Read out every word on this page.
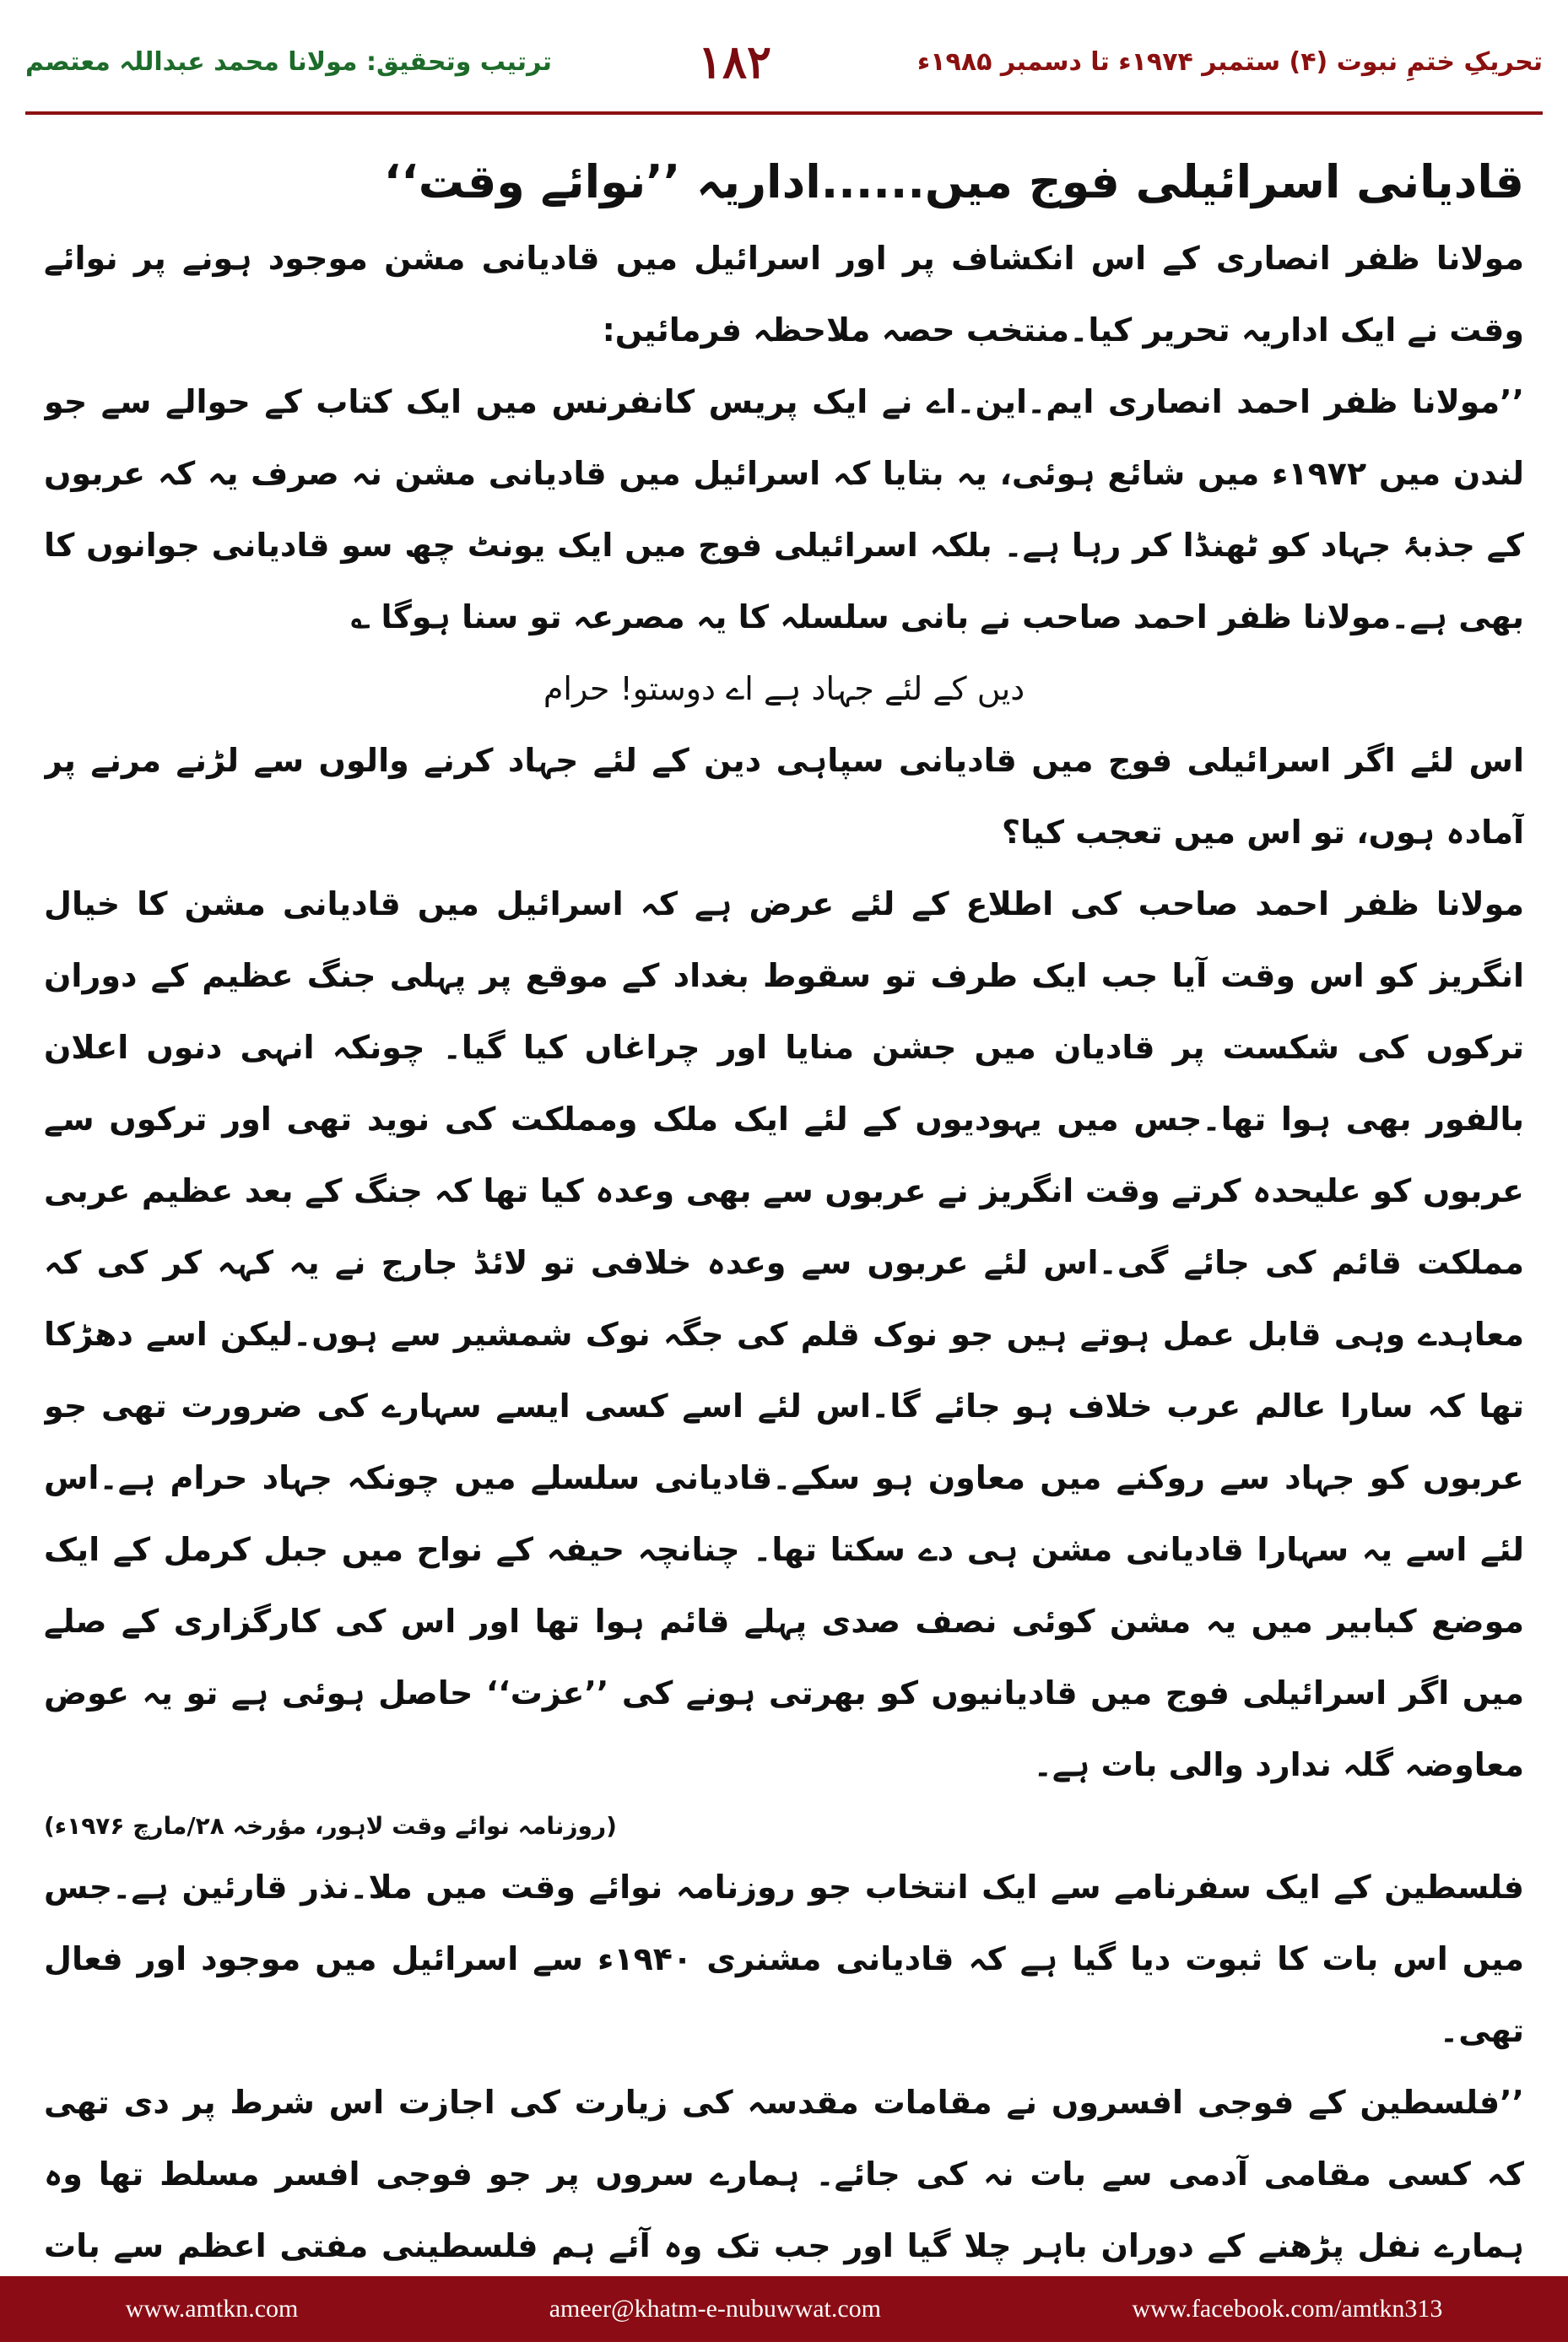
ترتیب وتحقیق: مولانا محمد عبداللہ معتصم	۱۸۲	تحریکِ ختمِ نبوت (۴) ستمبر ۱۹۷۴ء تا دسمبر ۱۹۸۵ء

قادیانی اسرائیلی فوج میں......اداریہ ’’نوائے وقت‘‘

مولانا ظفر انصاری کے اس انکشاف پر اور اسرائیل میں قادیانی مشن موجود ہونے پر نوائے وقت نے ایک اداریہ تحریر کیا۔منتخب حصہ ملاحظہ فرمائیں:

’’مولانا ظفر احمد انصاری ایم۔این۔اے نے ایک پریس کانفرنس میں ایک کتاب کے حوالے سے جو لندن میں ۱۹۷۲ء میں شائع ہوئی، یہ بتایا کہ اسرائیل میں قادیانی مشن نہ صرف یہ کہ عربوں کے جذبۂ جہاد کو ٹھنڈا کر رہا ہے۔ بلکہ اسرائیلی فوج میں ایک یونٹ چھ سو قادیانی جوانوں کا بھی ہے۔مولانا ظفر احمد صاحب نے بانی سلسلہ کا یہ مصرعہ تو سنا ہوگا ؎

دیں کے لئے جہاد ہے اے دوستو! حرام

اس لئے اگر اسرائیلی فوج میں قادیانی سپاہی دین کے لئے جہاد کرنے والوں سے لڑنے مرنے پر آمادہ ہوں، تو اس میں تعجب کیا؟

مولانا ظفر احمد صاحب کی اطلاع کے لئے عرض ہے کہ اسرائیل میں قادیانی مشن کا خیال انگریز کو اس وقت آیا جب ایک طرف تو سقوط بغداد کے موقع پر پہلی جنگ عظیم کے دوران ترکوں کی شکست پر قادیان میں جشن منایا اور چراغاں کیا گیا۔ چونکہ انہی دنوں اعلان بالفور بھی ہوا تھا۔جس میں یہودیوں کے لئے ایک ملک ومملکت کی نوید تھی اور ترکوں سے عربوں کو علیحدہ کرتے وقت انگریز نے عربوں سے بھی وعدہ کیا تھا کہ جنگ کے بعد عظیم عربی مملکت قائم کی جائے گی۔اس لئے عربوں سے وعدہ خلافی تو لائڈ جارج نے یہ کہہ کر کی کہ معاہدے وہی قابل عمل ہوتے ہیں جو نوک قلم کی جگہ نوک شمشیر سے ہوں۔لیکن اسے دھڑکا تھا کہ سارا عالم عرب خلاف ہو جائے گا۔اس لئے اسے کسی ایسے سہارے کی ضرورت تھی جو عربوں کو جہاد سے روکنے میں معاون ہو سکے۔قادیانی سلسلے میں چونکہ جہاد حرام ہے۔اس لئے اسے یہ سہارا قادیانی مشن ہی دے سکتا تھا۔ چنانچہ حیفہ کے نواح میں جبل کرمل کے ایک موضع کبابیر میں یہ مشن کوئی نصف صدی پہلے قائم ہوا تھا اور اس کی کارگزاری کے صلے میں اگر اسرائیلی فوج میں قادیانیوں کو بھرتی ہونے کی ’’عزت‘‘ حاصل ہوئی ہے تو یہ عوض معاوضہ گلہ ندارد والی بات ہے۔

(روزنامہ نوائے وقت لاہور، مؤرخہ ۲۸/مارچ ۱۹۷۶ء)

فلسطین کے ایک سفرنامے سے ایک انتخاب جو روزنامہ نوائے وقت میں ملا۔نذر قارئین ہے۔جس میں اس بات کا ثبوت دیا گیا ہے کہ قادیانی مشنری ۱۹۴۰ء سے اسرائیل میں موجود اور فعال تھی۔

’’فلسطین کے فوجی افسروں نے مقامات مقدسہ کی زیارت کی اجازت اس شرط پر دی تھی کہ کسی مقامی آدمی سے بات نہ کی جائے۔ ہمارے سروں پر جو فوجی افسر مسلط تھا وہ ہمارے نفل پڑھنے کے دوران باہر چلا گیا اور جب تک وہ آئے ہم فلسطینی مفتی اعظم سے بات

www.amtkn.com	ameer@khatm-e-nubuwwat.com	www.facebook.com/amtkn313
